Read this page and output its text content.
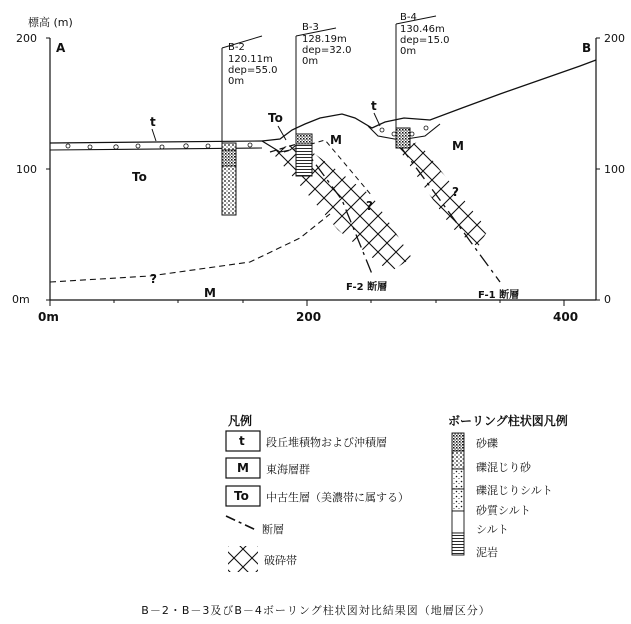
標高 (m)
200
100
0m
200
100
0
0m	200	400
A	B
B-2
120.11m
dep=55.0
0m
B-3
128.19m
dep=32.0
0m
B-4
130.46m
dep=15.0
0m
t
t
To
To
M
M	M
?
?
?
F-2 断層
F-1 断層
凡例
t 段丘堆積物および沖積層
M 東海層群
To 中古生層（美濃帯に属する）
断層
破砕帯
ボーリング柱状図凡例
砂礫
礫混じり砂
礫混じりシルト
砂質シルト
シルト
泥岩
B－2・B－3及びB－4ボーリング柱状図対比結果図（地層区分）
